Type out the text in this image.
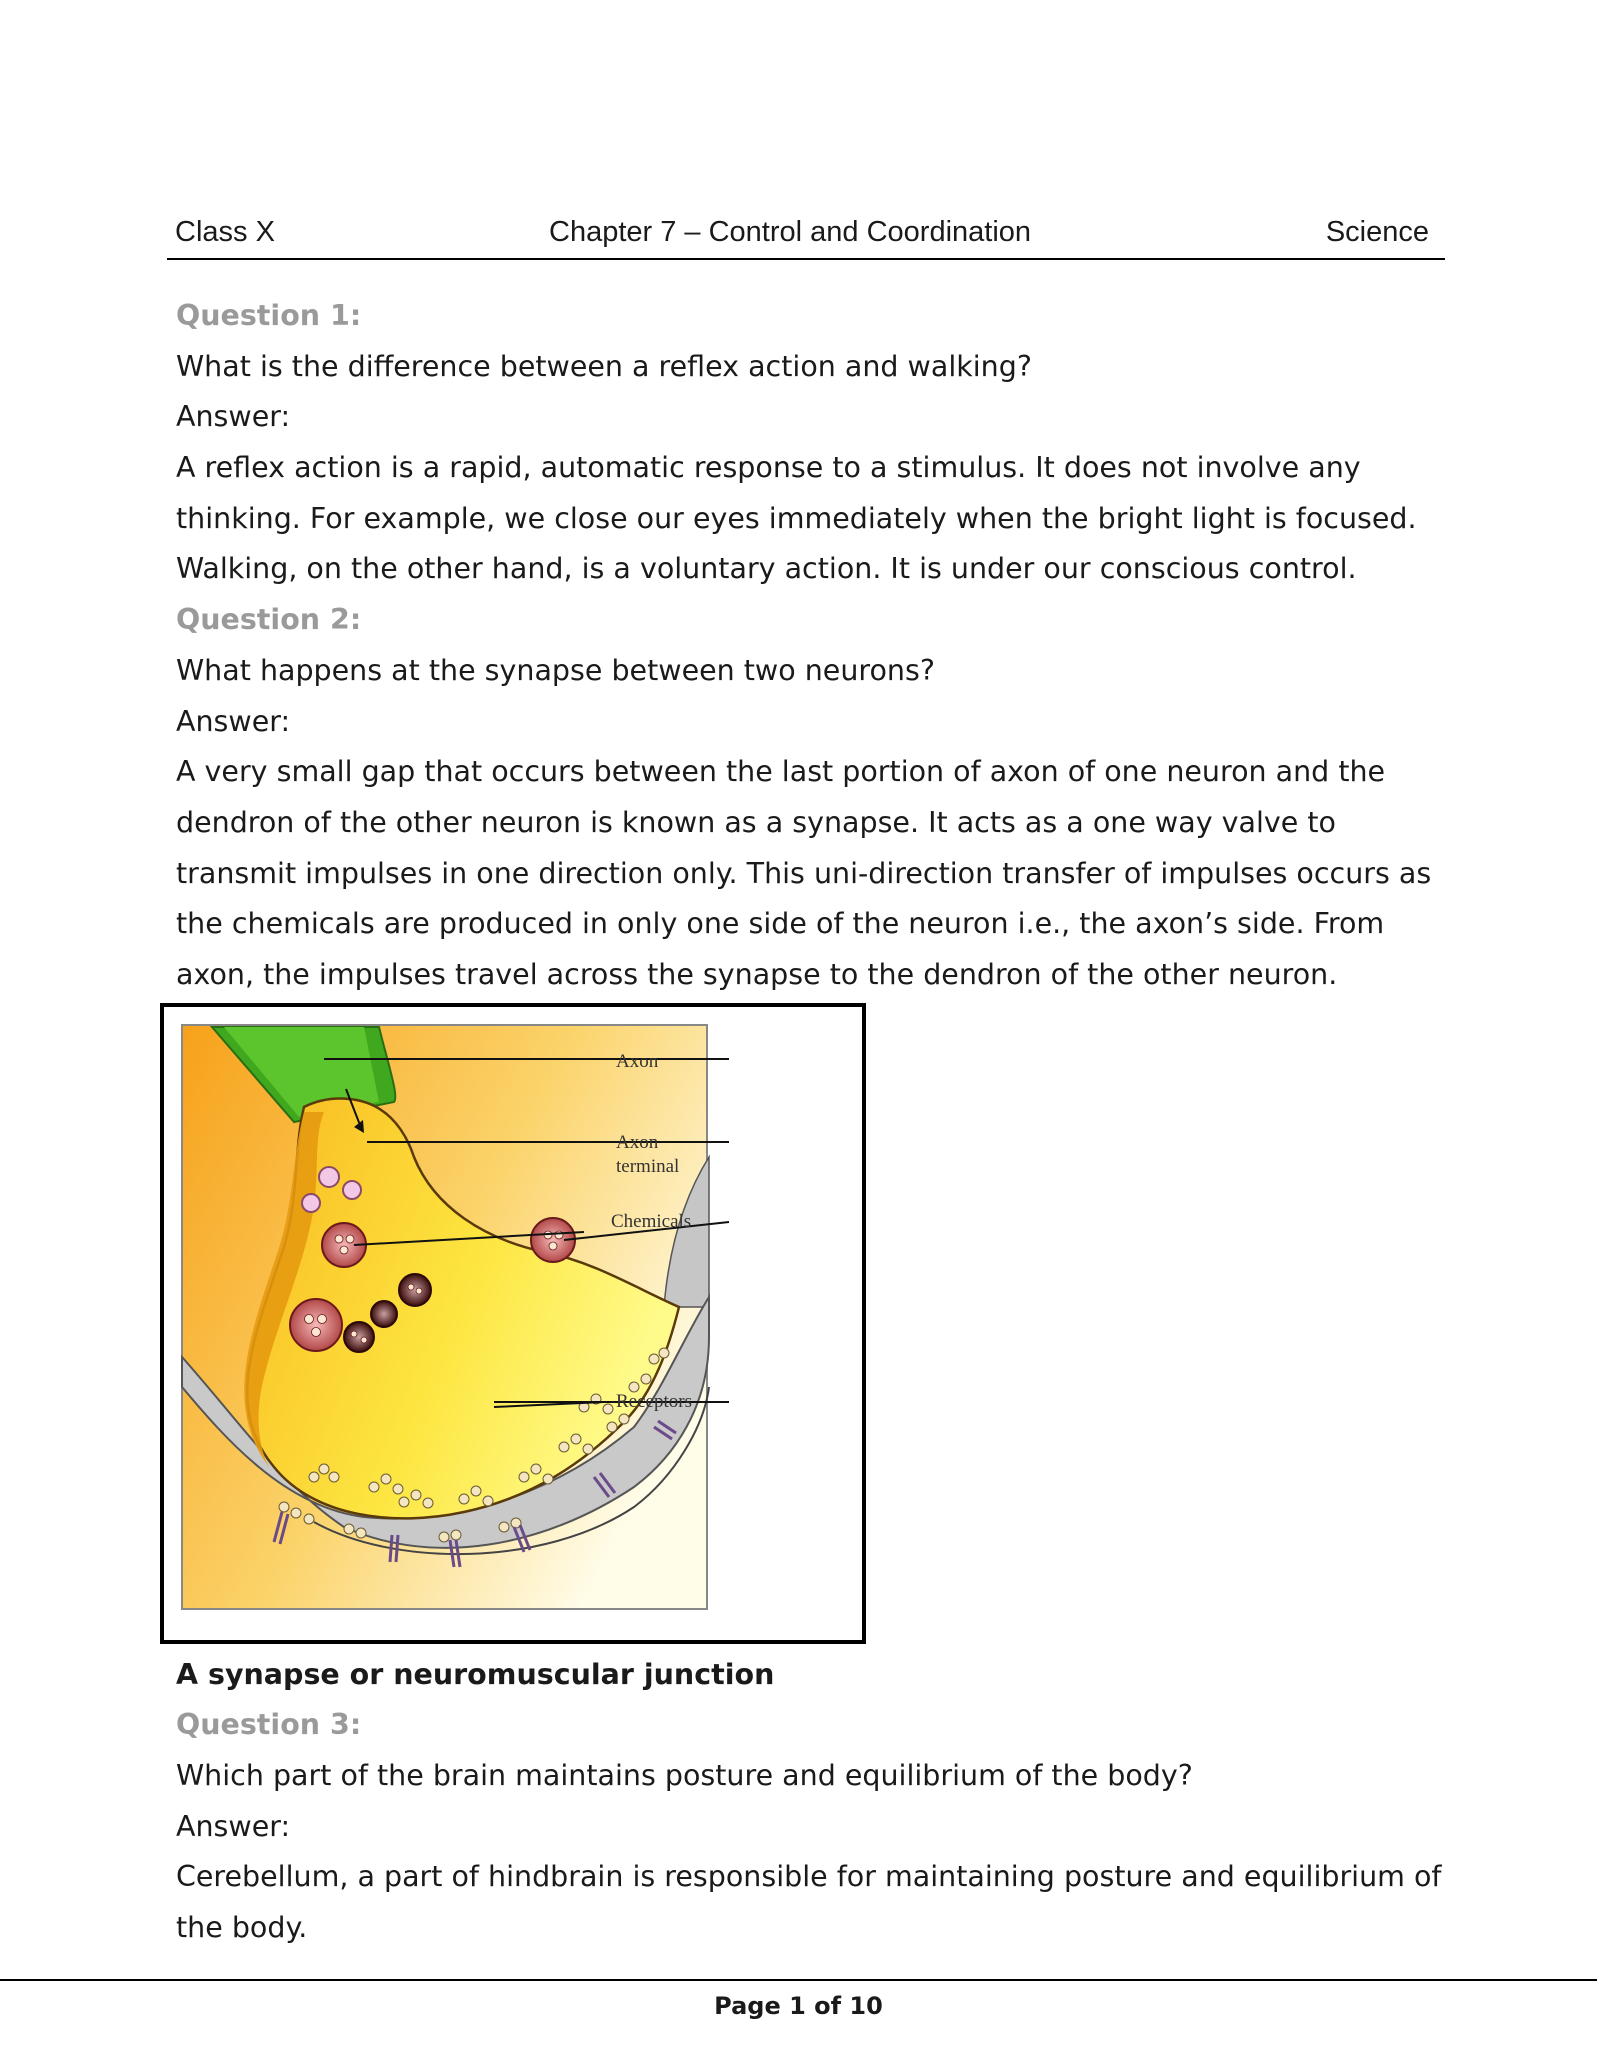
Class X	Chapter 7 – Control and Coordination	Science
Question 1:
What is the difference between a reflex action and walking?
Answer:
A reflex action is a rapid, automatic response to a stimulus. It does not involve any
thinking. For example, we close our eyes immediately when the bright light is focused.
Walking, on the other hand, is a voluntary action. It is under our conscious control.
Question 2:
What happens at the synapse between two neurons?
Answer:
A very small gap that occurs between the last portion of axon of one neuron and the
dendron of the other neuron is known as a synapse. It acts as a one way valve to
transmit impulses in one direction only. This uni-direction transfer of impulses occurs as
the chemicals are produced in only one side of the neuron i.e., the axon’s side. From
axon, the impulses travel across the synapse to the dendron of the other neuron.
Axon
Axon
terminal
Chemicals
Receptors
A synapse or neuromuscular junction
Question 3:
Which part of the brain maintains posture and equilibrium of the body?
Answer:
Cerebellum, a part of hindbrain is responsible for maintaining posture and equilibrium of
the body.
Page 1 of 10
